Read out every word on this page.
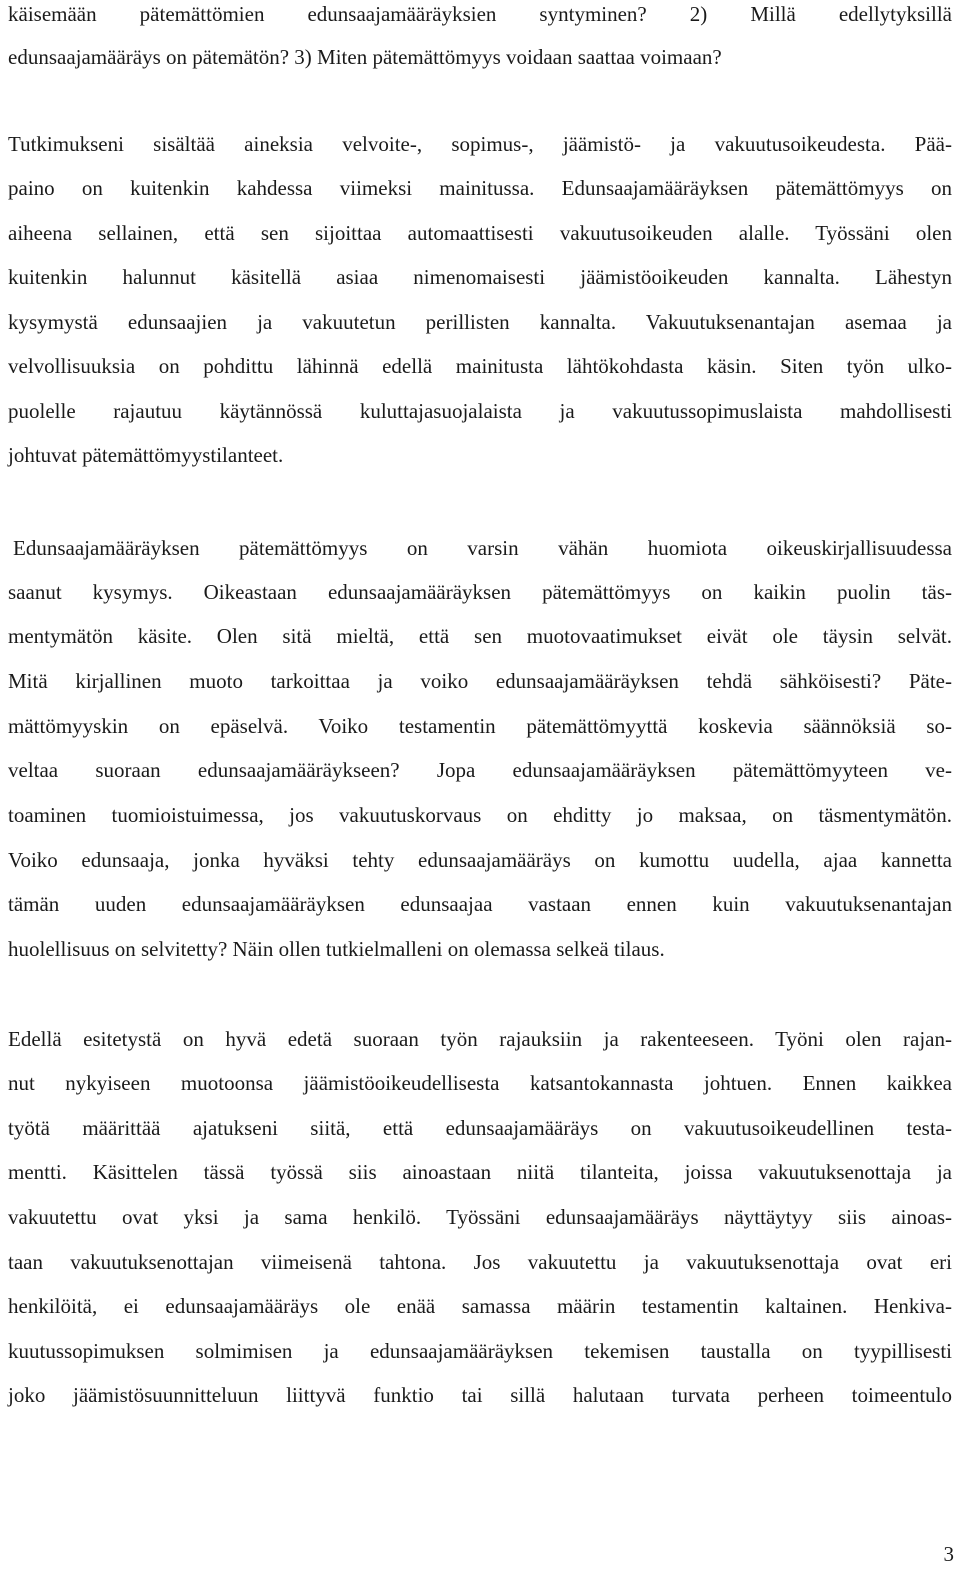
käisemään pätemättömien edunsaajamääräyksien syntyminen? 2) Millä edellytyksillä
edunsaajamääräys on pätemätön? 3) Miten pätemättömyys voidaan saattaa voimaan?
Tutkimukseni sisältää aineksia velvoite-, sopimus-, jäämistö- ja vakuutusoikeudesta. Pää-
paino on kuitenkin kahdessa viimeksi mainitussa. Edunsaajamääräyksen pätemättömyys on
aiheena sellainen, että sen sijoittaa automaattisesti vakuutusoikeuden alalle. Työssäni olen
kuitenkin halunnut käsitellä asiaa nimenomaisesti jäämistöoikeuden kannalta. Lähestyn
kysymystä edunsaajien ja vakuutetun perillisten kannalta. Vakuutuksenantajan asemaa ja
velvollisuuksia on pohdittu lähinnä edellä mainitusta lähtökohdasta käsin. Siten työn ulko-
puolelle rajautuu käytännössä kuluttajasuojalaista ja vakuutussopimuslaista mahdollisesti
johtuvat pätemättömyystilanteet.
Edunsaajamääräyksen pätemättömyys on varsin vähän huomiota oikeuskirjallisuudessa
saanut kysymys. Oikeastaan edunsaajamääräyksen pätemättömyys on kaikin puolin täs-
mentymätön käsite. Olen sitä mieltä, että sen muotovaatimukset eivät ole täysin selvät.
Mitä kirjallinen muoto tarkoittaa ja voiko edunsaajamääräyksen tehdä sähköisesti? Päte-
mättömyyskin on epäselvä. Voiko testamentin pätemättömyyttä koskevia säännöksiä so-
veltaa suoraan edunsaajamääräykseen? Jopa edunsaajamääräyksen pätemättömyyteen ve-
toaminen tuomioistuimessa, jos vakuutuskorvaus on ehditty jo maksaa, on täsmentymätön.
Voiko edunsaaja, jonka hyväksi tehty edunsaajamääräys on kumottu uudella, ajaa kannetta
tämän uuden edunsaajamääräyksen edunsaajaa vastaan ennen kuin vakuutuksenantajan
huolellisuus on selvitetty? Näin ollen tutkielmalleni on olemassa selkeä tilaus.
Edellä esitetystä on hyvä edetä suoraan työn rajauksiin ja rakenteeseen. Työni olen rajan-
nut nykyiseen muotoonsa jäämistöoikeudellisesta katsantokannasta johtuen. Ennen kaikkea
työtä määrittää ajatukseni siitä, että edunsaajamääräys on vakuutusoikeudellinen testa-
mentti. Käsittelen tässä työssä siis ainoastaan niitä tilanteita, joissa vakuutuksenottaja ja
vakuutettu ovat yksi ja sama henkilö. Työssäni edunsaajamääräys näyttäytyy siis ainoas-
taan vakuutuksenottajan viimeisenä tahtona. Jos vakuutettu ja vakuutuksenottaja ovat eri
henkilöitä, ei edunsaajamääräys ole enää samassa määrin testamentin kaltainen. Henkiva-
kuutussopimuksen solmimisen ja edunsaajamääräyksen tekemisen taustalla on tyypillisesti
joko jäämistösuunnitteluun liittyvä funktio tai sillä halutaan turvata perheen toimeentulo
3
